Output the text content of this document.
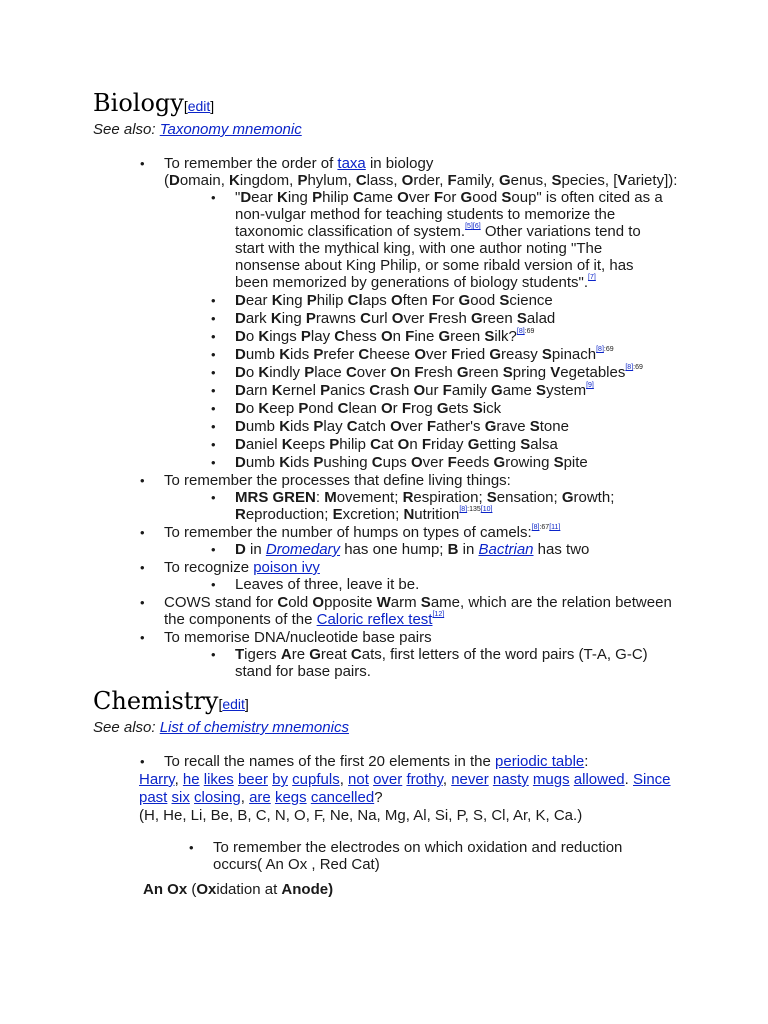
Biology[edit]
See also: Taxonomy mnemonic
• To remember the order of taxa in biology
(Domain, Kingdom, Phylum, Class, Order, Family, Genus, Species, [Variety]):
• "Dear King Philip Came Over For Good Soup" is often cited as a non-vulgar method for teaching students to memorize the taxonomic classification of system.[5][6] Other variations tend to start with the mythical king, with one author noting "The nonsense about King Philip, or some ribald version of it, has been memorized by generations of biology students".[7]
• Dear King Philip Claps Often For Good Science
• Dark King Prawns Curl Over Fresh Green Salad
• Do Kings Play Chess On Fine Green Silk?$^{[8]:69}$
• Dumb Kids Prefer Cheese Over Fried Greasy Spinach$^{[8]:69}$
• Do Kindly Place Cover On Fresh Green Spring Vegetables$^{[8]:69}$
• Darn Kernel Panics Crash Our Family Game System[9]
• Do Keep Pond Clean Or Frog Gets Sick
• Dumb Kids Play Catch Over Father's Grave Stone
• Daniel Keeps Philip Cat On Friday Getting Salsa
• Dumb Kids Pushing Cups Over Feeds Growing Spite
• To remember the processes that define living things:
• MRS GREN: Movement; Respiration; Sensation; Growth; Reproduction; Excretion; Nutrition[8]:135[10]
• To remember the number of humps on types of camels:[8]:67[11]
• D in Dromedary has one hump; B in Bactrian has two
• To recognize poison ivy
• Leaves of three, leave it be.
• COWS stand for Cold Opposite Warm Same, which are the relation between the components of the Caloric reflex test[12]
• To memorise DNA/nucleotide base pairs
• Tigers Are Great Cats, first letters of the word pairs (T-A, G-C) stand for base pairs.
Chemistry[edit]
See also: List of chemistry mnemonics
• To recall the names of the first 20 elements in the periodic table:
Harry, he likes beer by cupfuls, not over frothy, never nasty mugs allowed. Since past six closing, are kegs cancelled?
(H, He, Li, Be, B, C, N, O, F, Ne, Na, Mg, Al, Si, P, S, Cl, Ar, K, Ca.)
• To remember the electrodes on which oxidation and reduction occurs( An Ox , Red Cat)
An Ox (Oxidation at Anode)
